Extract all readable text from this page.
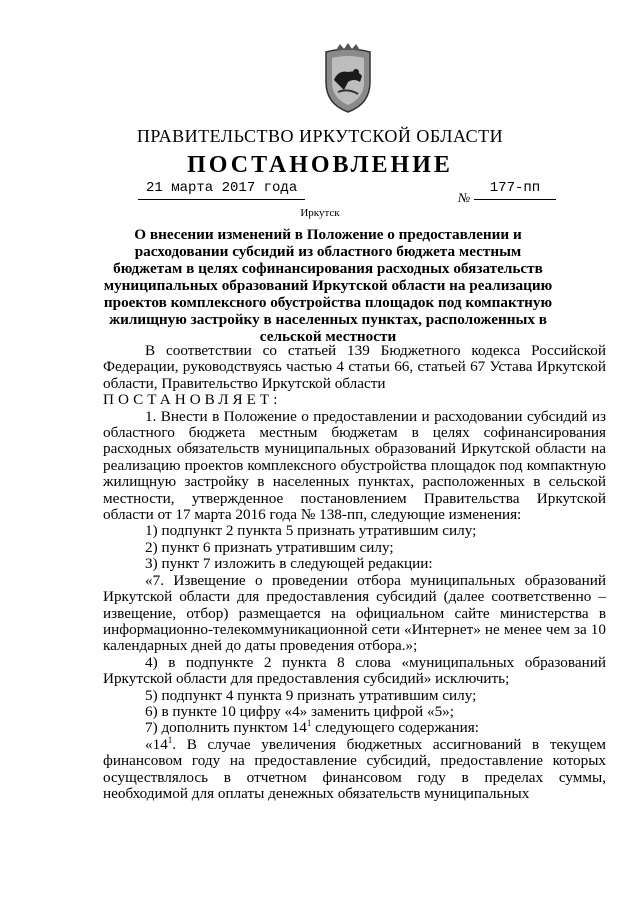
ПРАВИТЕЛЬСТВО ИРКУТСКОЙ ОБЛАСТИ
ПОСТАНОВЛЕНИЕ
21 марта 2017 года
№
177-пп
Иркутск
О внесении изменений в Положение о предоставлении и расходовании субсидий из областного бюджета местным бюджетам в целях софинансирования расходных обязательств муниципальных образований Иркутской области на реализацию проектов комплексного обустройства площадок под компактную жилищную застройку в населенных пунктах, расположенных в сельской местности

В соответствии со статьей 139 Бюджетного кодекса Российской Федерации, руководствуясь частью 4 статьи 66, статьей 67 Устава Иркутской области, Правительство Иркутской области

ПОСТАНОВЛЯЕТ:

1. Внести в Положение о предоставлении и расходовании субсидий из областного бюджета местным бюджетам в целях софинансирования расходных обязательств муниципальных образований Иркутской области на реализацию проектов комплексного обустройства площадок под компактную жилищную застройку в населенных пунктах, расположенных в сельской местности, утвержденное постановлением Правительства Иркутской области от 17 марта 2016 года № 138-пп, следующие изменения:

1) подпункт 2 пункта 5 признать утратившим силу;

2) пункт 6 признать утратившим силу;

3) пункт 7 изложить в следующей редакции:

«7. Извещение о проведении отбора муниципальных образований Иркутской области для предоставления субсидий (далее соответственно – извещение, отбор) размещается на официальном сайте министерства в информационно-телекоммуникационной сети «Интернет» не менее чем за 10 календарных дней до даты проведения отбора.»;

4) в подпункте 2 пункта 8 слова «муниципальных образований Иркутской области для предоставления субсидий» исключить;

5) подпункт 4 пункта 9 признать утратившим силу;

6) в пункте 10 цифру «4» заменить цифрой «5»;

7) дополнить пунктом $14^1$ следующего содержания:

«$14^1$. В случае увеличения бюджетных ассигнований в текущем финансовом году на предоставление субсидий, предоставление которых осуществлялось в отчетном финансовом году в пределах суммы, необходимой для оплаты денежных обязательств муниципальных
